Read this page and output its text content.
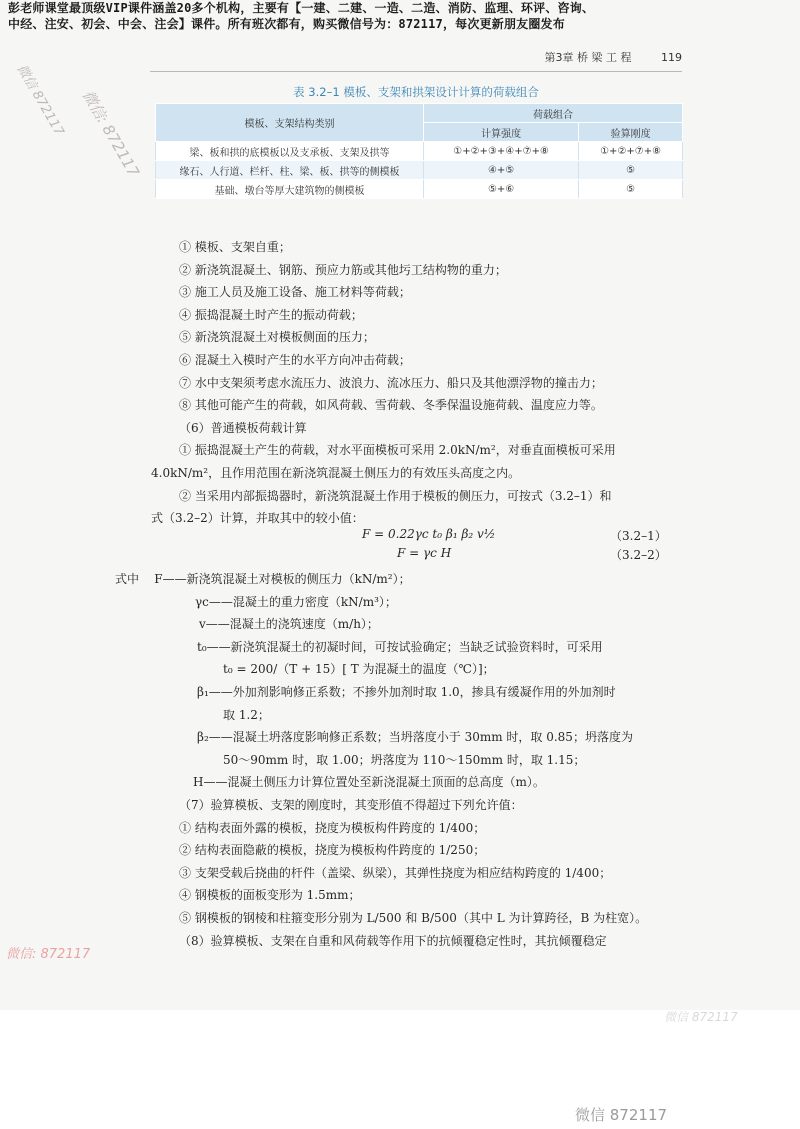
彭老师课堂最顶级VIP课件涵盖20多个机构，主要有【一建、二建、一造、二造、消防、监理、环评、咨询、
中经、注安、初会、中会、注会】课件。所有班次都有，购买微信号为：872117，每次更新朋友圈发布
第3章 桥 梁 工 程	119
表 3.2–1 模板、支架和拱架设计计算的荷载组合
模板、支架结构类别	荷载组合	
	计算强度	验算刚度
梁、板和拱的底模板以及支承板、支架及拱等	①+②+③+④+⑦+⑧	①+②+⑦+⑧
缘石、人行道、栏杆、柱、梁、板、拱等的侧模板	④+⑤	⑤
基础、墩台等厚大建筑物的侧模板	⑤+⑥	⑤

① 模板、支架自重；

② 新浇筑混凝土、钢筋、预应力筋或其他圬工结构物的重力；

③ 施工人员及施工设备、施工材料等荷载；

④ 振捣混凝土时产生的振动荷载；

⑤ 新浇筑混凝土对模板侧面的压力；

⑥ 混凝土入模时产生的水平方向冲击荷载；

⑦ 水中支架须考虑水流压力、波浪力、流冰压力、船只及其他漂浮物的撞击力；

⑧ 其他可能产生的荷载，如风荷载、雪荷载、冬季保温设施荷载、温度应力等。

（6）普通模板荷载计算

① 振捣混凝土产生的荷载，对水平面模板可采用 2.0kN/m²，对垂直面模板可采用

4.0kN/m²，且作用范围在新浇筑混凝土侧压力的有效压头高度之内。

② 当采用内部振捣器时，新浇筑混凝土作用于模板的侧压力，可按式（3.2–1）和

式（3.2–2）计算，并取其中的较小值：

F = 0.22γc t₀ β₁ β₂ v½	（3.2–1）
F = γc H	（3.2–2）

式中 F——新浇筑混凝土对模板的侧压力（kN/m²）；

γc——混凝土的重力密度（kN/m³）；

v——混凝土的浇筑速度（m/h）；

t₀——新浇筑混凝土的初凝时间，可按试验确定；当缺乏试验资料时，可采用

t₀ = 200/（T + 15）[ T 为混凝土的温度（℃）]；

β₁——外加剂影响修正系数；不掺外加剂时取 1.0，掺具有缓凝作用的外加剂时

取 1.2；

β₂——混凝土坍落度影响修正系数；当坍落度小于 30mm 时，取 0.85；坍落度为

50～90mm 时，取 1.00；坍落度为 110～150mm 时，取 1.15；

H——混凝土侧压力计算位置处至新浇混凝土顶面的总高度（m）。

（7）验算模板、支架的刚度时，其变形值不得超过下列允许值：

① 结构表面外露的模板，挠度为模板构件跨度的 1/400；

② 结构表面隐蔽的模板，挠度为模板构件跨度的 1/250；

③ 支架受载后挠曲的杆件（盖梁、纵梁），其弹性挠度为相应结构跨度的 1/400；

④ 钢模板的面板变形为 1.5mm；

⑤ 钢模板的钢棱和柱箍变形分别为 L/500 和 B/500（其中 L 为计算跨径，B 为柱宽）。

（8）验算模板、支架在自重和风荷载等作用下的抗倾覆稳定性时，其抗倾覆稳定

微信 872117 微信: 872117
微信: 872117
微信 872117
微信 872117
